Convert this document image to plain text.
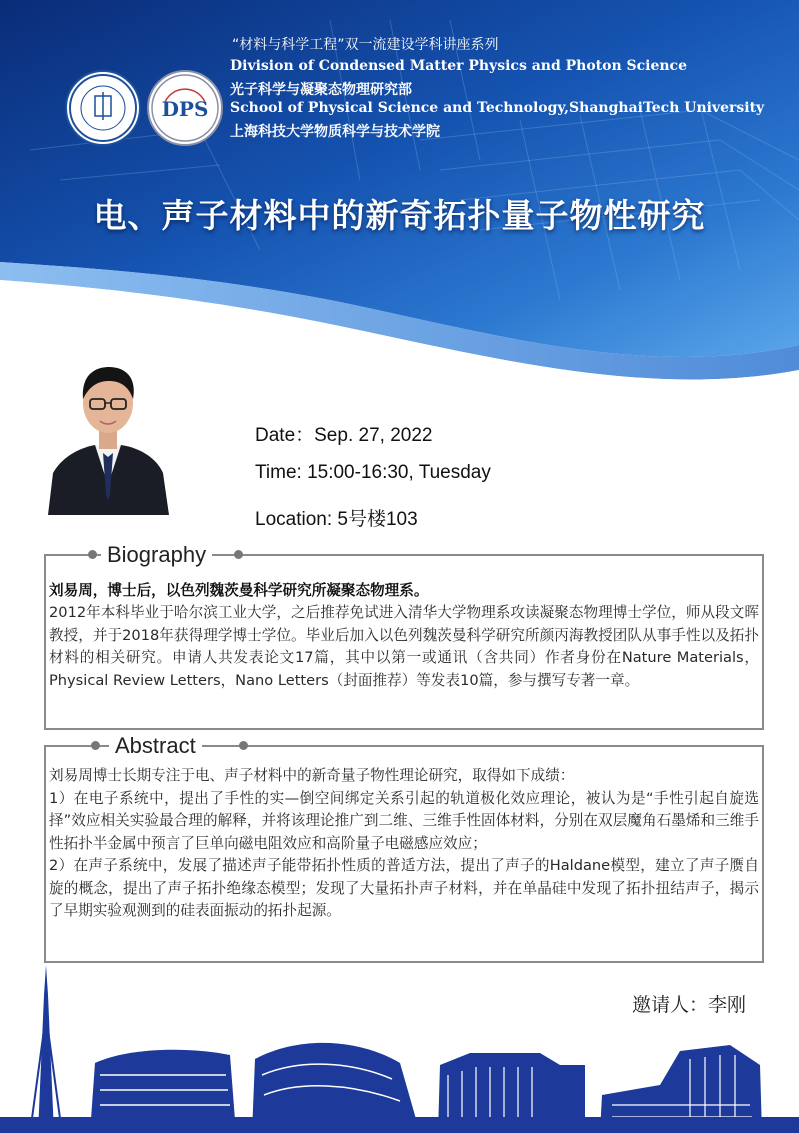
DPS
“材料与科学工程”双一流建设学科讲座系列
Division of Condensed Matter Physics and Photon Science
光子科学与凝聚态物理研究部
School of Physical Science and Technology,ShanghaiTech University
上海科技大学物质科学与技术学院
电、声子材料中的新奇拓扑量子物性研究
Date：Sep. 27, 2022
Time: 15:00-16:30, Tuesday
Location: 5号楼103
Biography
刘易周，博士后，以色列魏茨曼科学研究所凝聚态物理系。

2012年本科毕业于哈尔滨工业大学，之后推荐免试进入清华大学物理系攻读凝聚态物理博士学位，师从段文晖教授，并于2018年获得理学博士学位。毕业后加入以色列魏茨曼科学研究所颜丙海教授团队从事手性以及拓扑材料的相关研究。申请人共发表论文17篇，其中以第一或通讯（含共同）作者身份在Nature Materials，Physical Review Letters，Nano Letters（封面推荐）等发表10篇，参与撰写专著一章。

Abstract

刘易周博士长期专注于电、声子材料中的新奇量子物性理论研究，取得如下成绩：

1）在电子系统中，提出了手性的实—倒空间绑定关系引起的轨道极化效应理论，被认为是“手性引起自旋选择”效应相关实验最合理的解释，并将该理论推广到二维、三维手性固体材料，分别在双层魔角石墨烯和三维手性拓扑半金属中预言了巨单向磁电阻效应和高阶量子电磁感应效应；

2）在声子系统中，发展了描述声子能带拓扑性质的普适方法，提出了声子的Haldane模型，建立了声子赝自旋的概念，提出了声子拓扑绝缘态模型；发现了大量拓扑声子材料，并在单晶硅中发现了拓扑扭结声子，揭示了早期实验观测到的硅表面振动的拓扑起源。

邀请人：李刚
